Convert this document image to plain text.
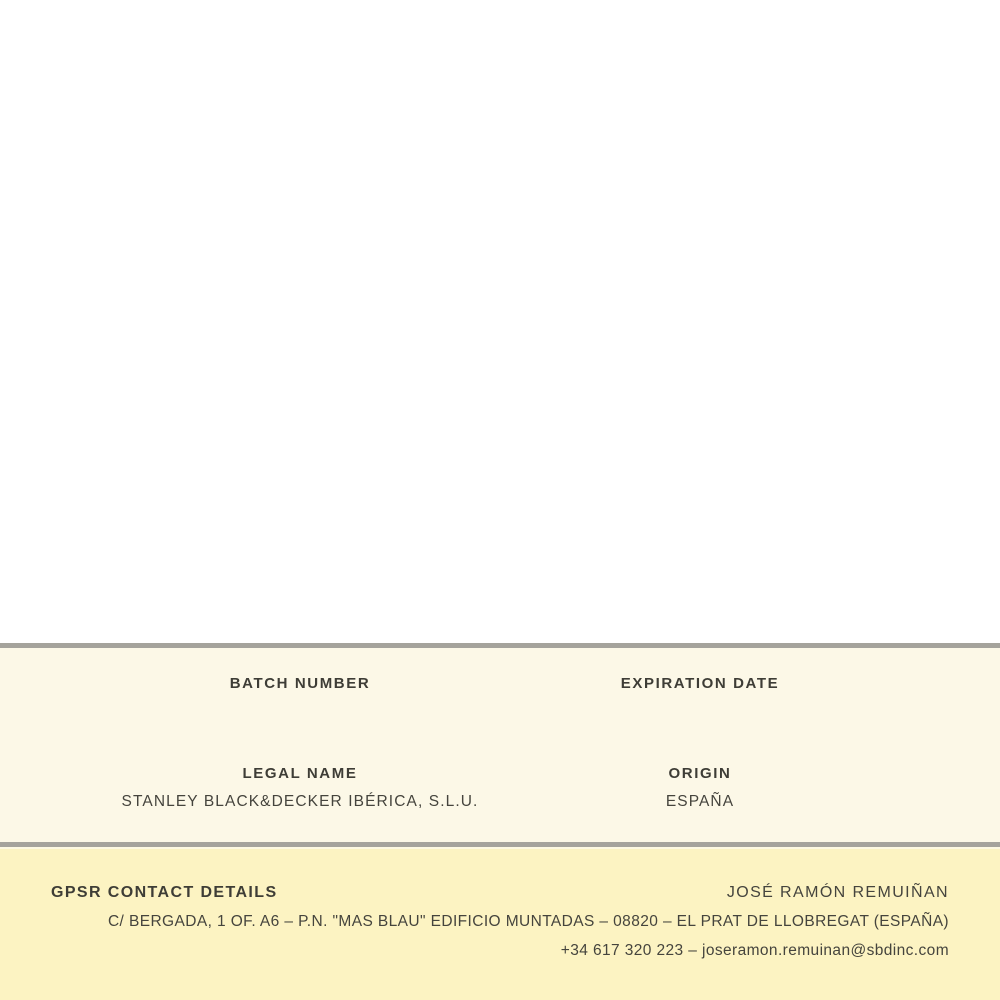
BATCH NUMBER	EXPIRATION DATE
LEGAL NAME
STANLEY BLACK&DECKER IBÉRICA, S.L.U.
ORIGIN
ESPAÑA
GPSR CONTACT DETAILS	JOSÉ RAMÓN REMUIÑAN
C/ BERGADA, 1 OF. A6 – P.N. "MAS BLAU" EDIFICIO MUNTADAS – 08820 – EL PRAT DE LLOBREGAT (ESPAÑA)
+34 617 320 223 – joseramon.remuinan@sbdinc.com
